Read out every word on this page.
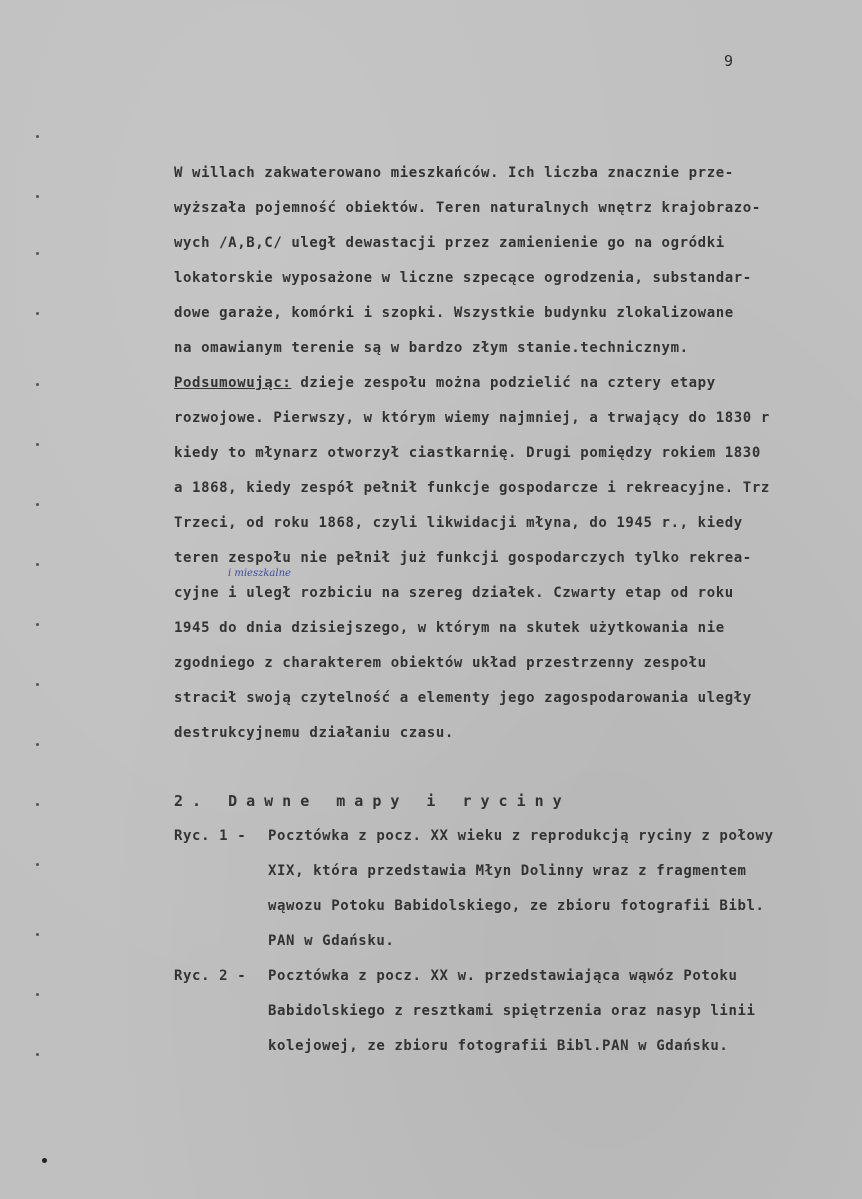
9
W willach zakwaterowano mieszkańców. Ich liczba znacznie prze-
wyższała pojemność obiektów. Teren naturalnych wnętrz krajobrazo-
wych /A,B,C/ uległ dewastacji przez zamienienie go na ogródki
lokatorskie wyposażone w liczne szpecące ogrodzenia, substandar-
dowe garaże, komórki i szopki. Wszystkie budynku zlokalizowane
na omawianym terenie są w bardzo złym stanie.technicznym.
Podsumowując: dzieje zespołu można podzielić na cztery etapy
rozwojowe. Pierwszy, w którym wiemy najmniej, a trwający do 1830 r
kiedy to młynarz otworzył ciastkarnię. Drugi pomiędzy rokiem 1830
a 1868, kiedy zespół pełnił funkcje gospodarcze i rekreacyjne. Trz
Trzeci, od roku 1868, czyli likwidacji młyna, do 1945 r., kiedy
teren zespołu nie pełnił już funkcji gospodarczych tylko rekrea-
i mieszkalne
cyjne i uległ rozbiciu na szereg działek. Czwarty etap od roku
1945 do dnia dzisiejszego, w którym na skutek użytkowania nie
zgodniego z charakterem obiektów układ przestrzenny zespołu
stracił swoją czytelność a elementy jego zagospodarowania uległy
destrukcyjnemu działaniu czasu.
2. Dawne mapy i ryciny
Ryc. 1 - Pocztówka z pocz. XX wieku z reprodukcją ryciny z połowy
XIX, która przedstawia Młyn Dolinny wraz z fragmentem
wąwozu Potoku Babidolskiego, ze zbioru fotografii Bibl.
PAN w Gdańsku.
Ryc. 2 - Pocztówka z pocz. XX w. przedstawiająca wąwóz Potoku
Babidolskiego z resztkami spiętrzenia oraz nasyp linii
kolejowej, ze zbioru fotografii Bibl.PAN w Gdańsku.
